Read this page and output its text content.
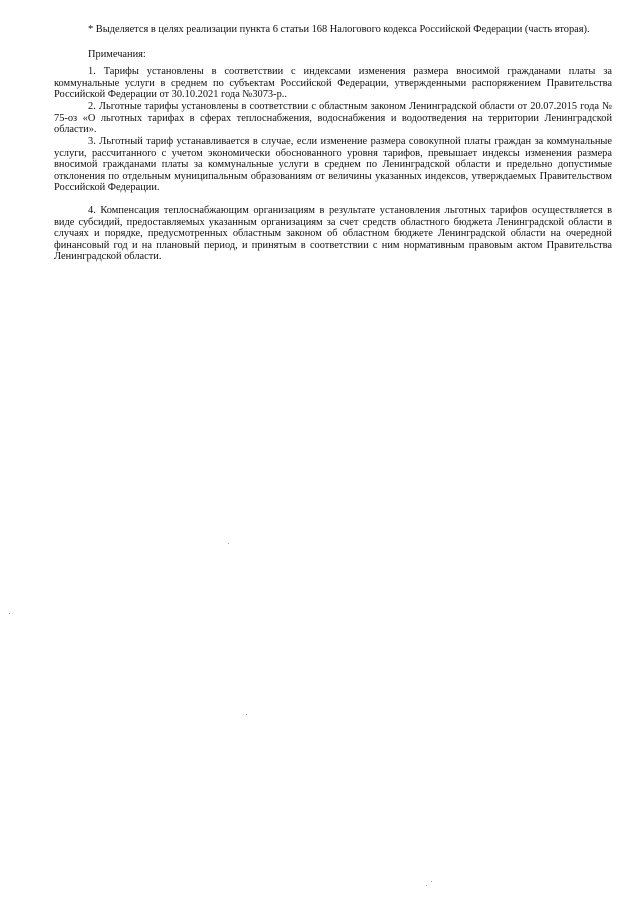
* Выделяется в целях реализации пункта 6 статьи 168 Налогового кодекса Российской Федерации (часть вторая).

Примечания:

1. Тарифы установлены в соответствии с индексами изменения размера вносимой гражданами платы за коммунальные услуги в среднем по субъектам Российской Федерации, утвержденными распоряжением Правительства Российской Федерации от 30.10.2021 года №3073-р..

2. Льготные тарифы установлены в соответствии с областным законом Ленинградской области от 20.07.2015 года № 75-оз «О льготных тарифах в сферах теплоснабжения, водоснабжения и водоотведения на территории Ленинградской области».

3. Льготный тариф устанавливается в случае, если изменение размера совокупной платы граждан за коммунальные услуги, рассчитанного с учетом экономически обоснованного уровня тарифов, превышает индексы изменения размера вносимой гражданами платы за коммунальные услуги в среднем по Ленинградской области и предельно допустимые отклонения по отдельным муниципальным образованиям от величины указанных индексов, утверждаемых Правительством Российской Федерации.

4. Компенсация теплоснабжающим организациям в результате установления льготных тарифов осуществляется в виде субсидий, предоставляемых указанным организациям за счет средств областного бюджета Ленинградской области в случаях и порядке, предусмотренных областным законом об областном бюджете Ленинградской области на очередной финансовый год и на плановый период, и принятым в соответствии с ним нормативным правовым актом Правительства Ленинградской области.
